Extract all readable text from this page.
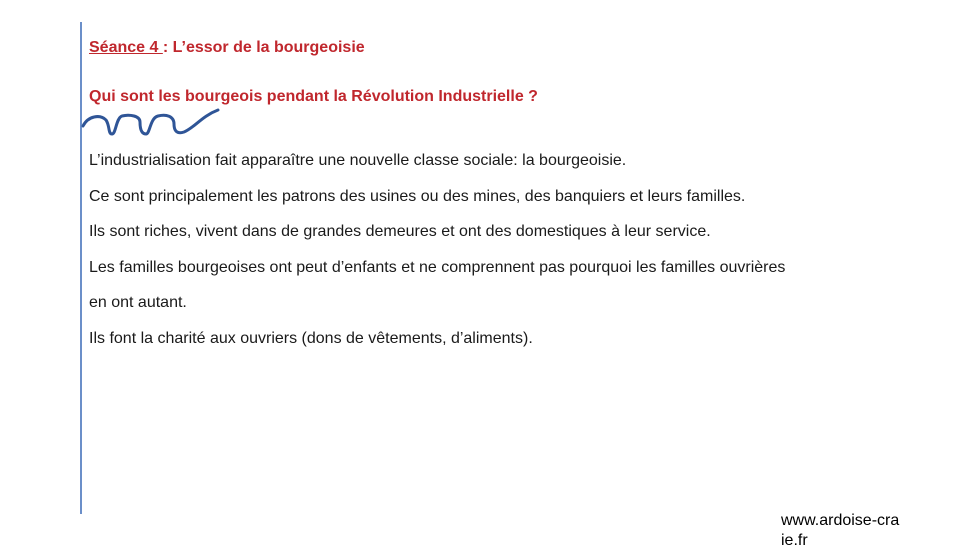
Séance 4 : L’essor de la bourgeoisie
Qui sont les bourgeois pendant la Révolution Industrielle ?

L’industrialisation fait apparaître une nouvelle classe sociale: la bourgeoisie.

Ce sont principalement les patrons des usines ou des mines, des banquiers et leurs familles.

Ils sont riches, vivent dans de grandes demeures et ont des domestiques à leur service.

Les familles bourgeoises ont peut d’enfants et ne comprennent pas pourquoi les familles ouvrières

en ont autant.

Ils font la charité aux ouvriers (dons de vêtements, d’aliments).

www.ardoise-craie.fr
